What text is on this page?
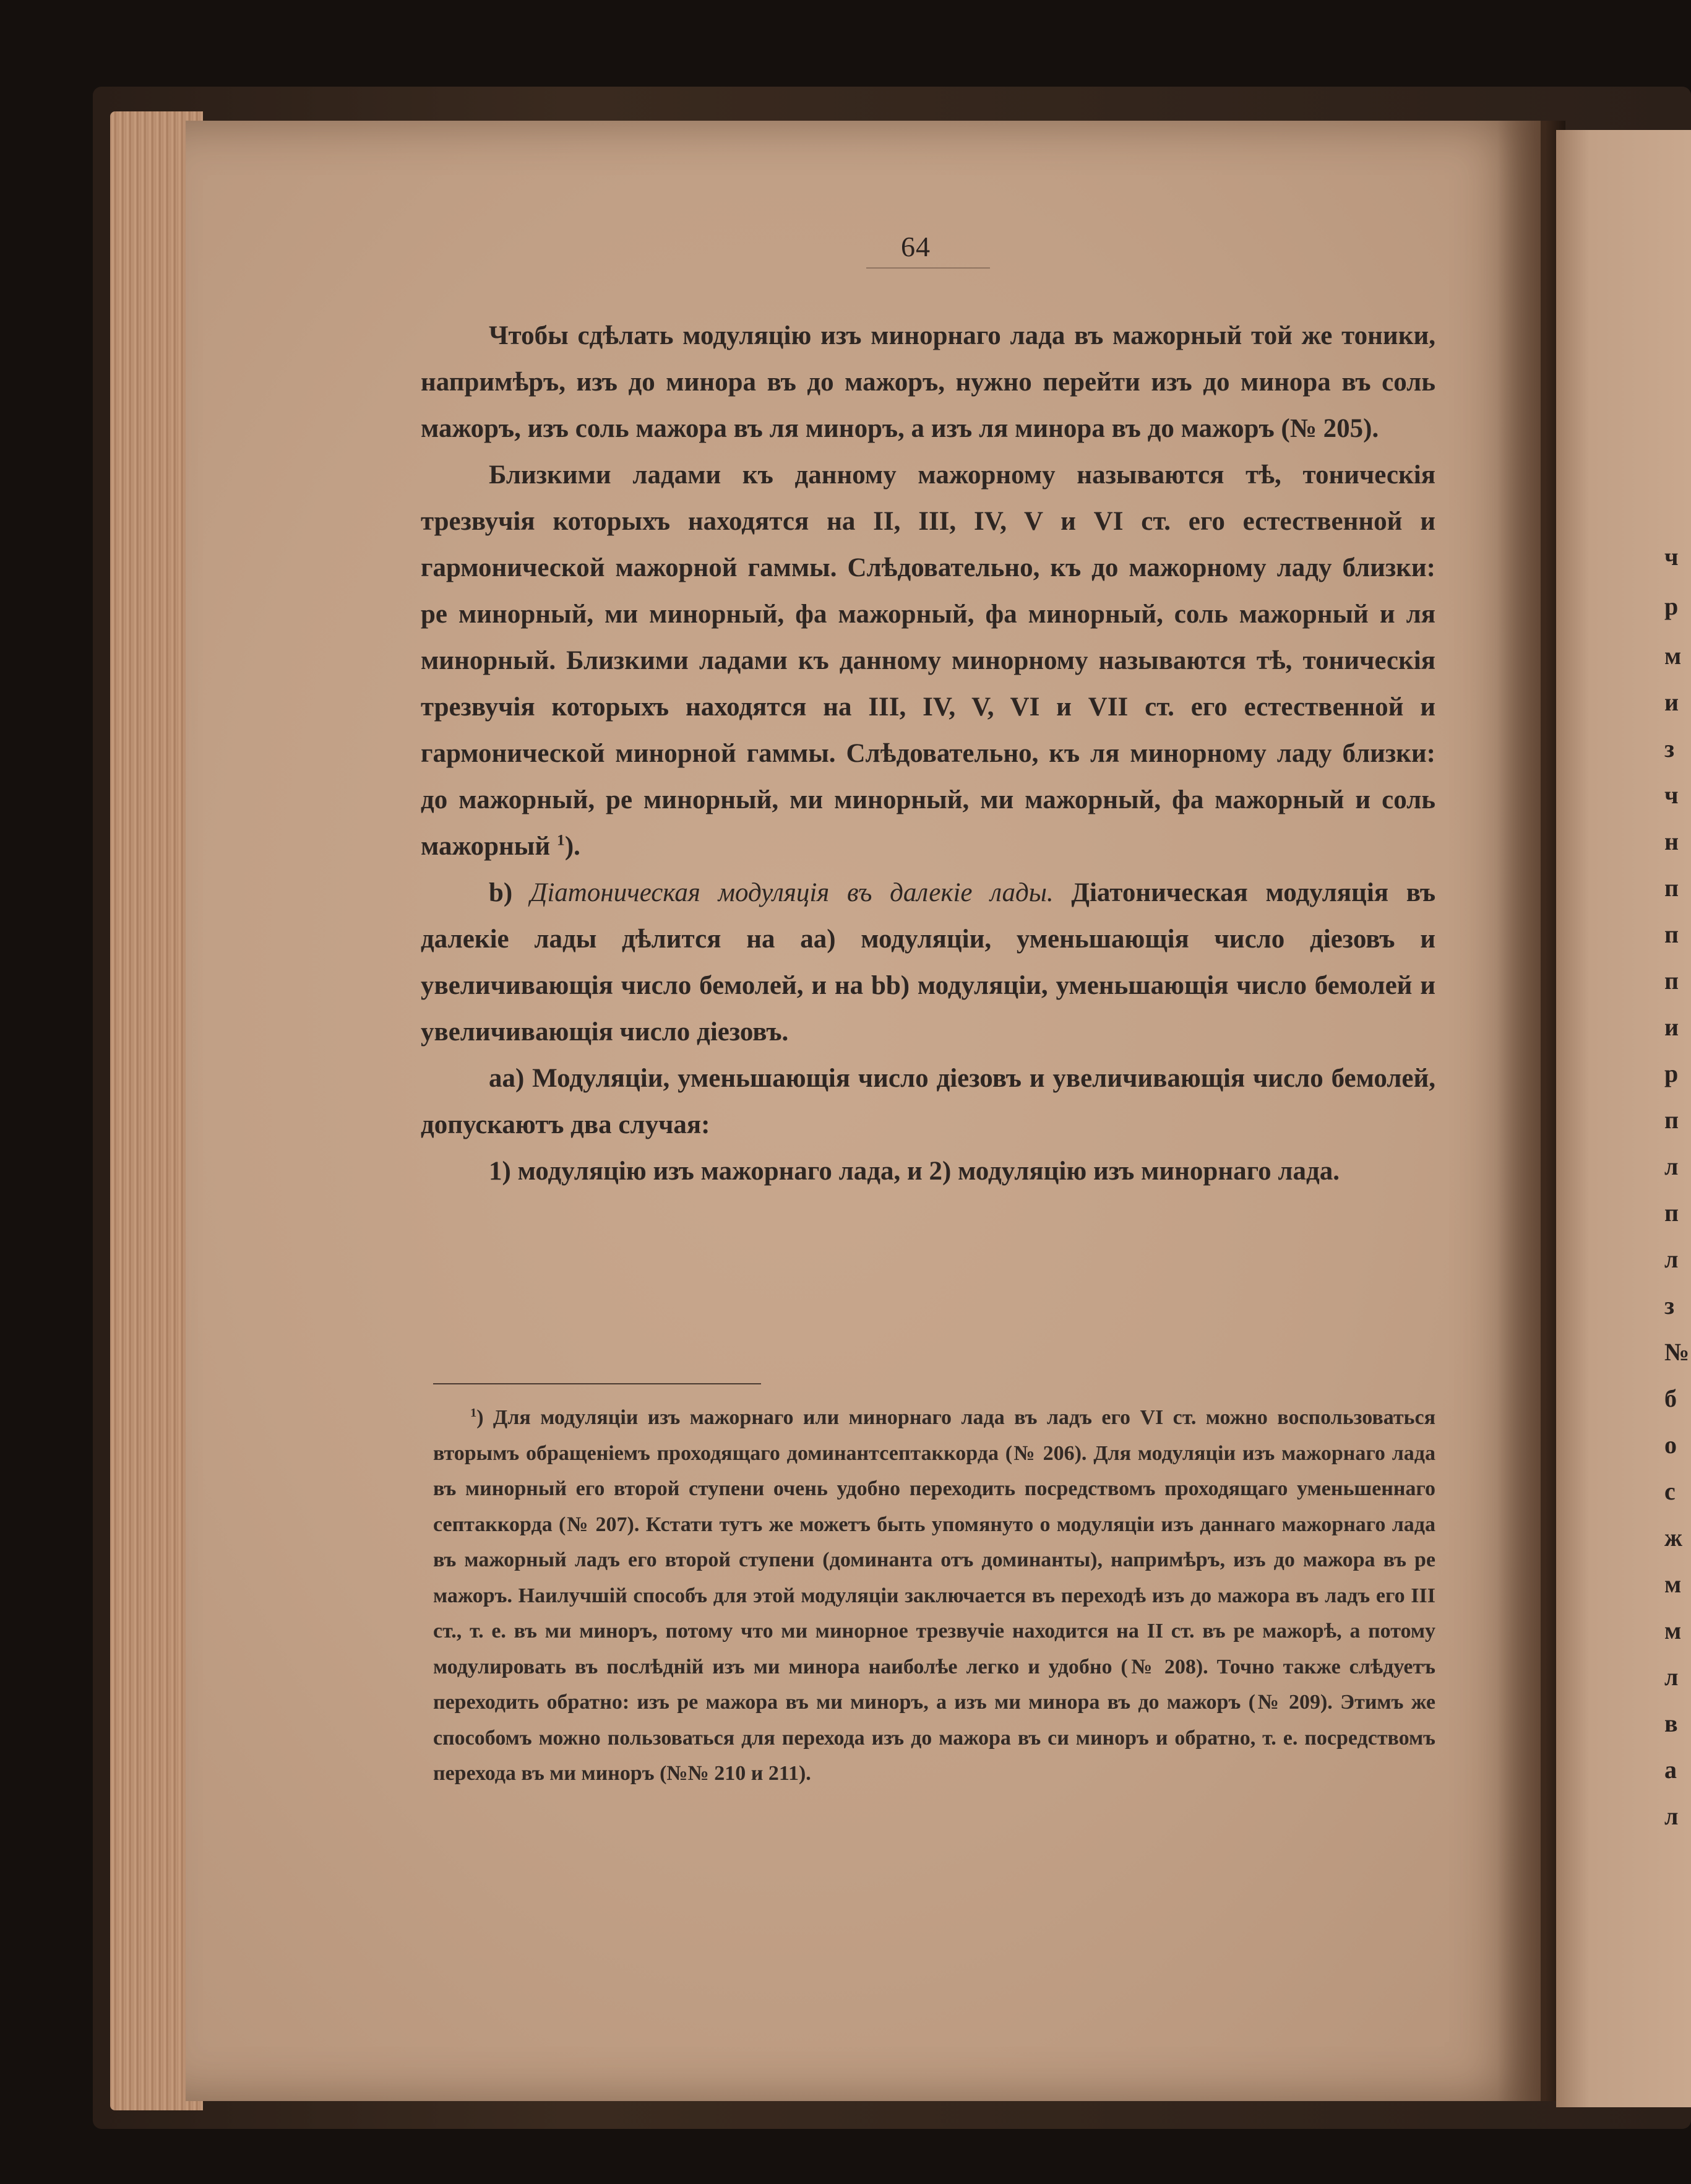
64

Чтобы сдѣлать модуляцію изъ минорнаго лада въ мажорный той же тоники, напримѣръ, изъ до минора въ до мажоръ, нужно перейти изъ до минора въ соль мажоръ, изъ соль мажора въ ля миноръ, а изъ ля минора въ до мажоръ (№ 205).

Близкими ладами къ данному мажорному называются тѣ, тоническія трезвучія которыхъ находятся на II, III, IV, V и VI ст. его естественной и гармонической мажорной гаммы. Слѣдовательно, къ до мажорному ладу близки: ре минорный, ми минорный, фа мажорный, фа минорный, соль мажорный и ля минорный. Близкими ладами къ данному минорному называются тѣ, тоническія трезвучія которыхъ находятся на III, IV, V, VI и VII ст. его естественной и гармонической минорной гаммы. Слѣдовательно, къ ля минорному ладу близки: до мажорный, ре минорный, ми минорный, ми мажорный, фа мажорный и соль мажорный $^1$).

b) Діатоническая модуляція въ далекіе лады. Діатоническая модуляція въ далекіе лады дѣлится на aa) модуляціи, уменьшающія число діезовъ и увеличивающія число бемолей, и на bb) модуляціи, уменьшающія число бемолей и увеличивающія число діезовъ.

aa) Модуляціи, уменьшающія число діезовъ и увеличивающія число бемолей, допускаютъ два случая:

1) модуляцію изъ мажорнаго лада, и 2) модуляцію изъ минорнаго лада.

$^1$) Для модуляціи изъ мажорнаго или минорнаго лада въ ладъ его VI ст. можно воспользоваться вторымъ обращеніемъ проходящаго доминантсептаккорда (№ 206). Для модуляціи изъ мажорнаго лада въ минорный его второй ступени очень удобно переходить посредствомъ проходящаго уменьшеннаго септаккорда (№ 207). Кстати тутъ же можетъ быть упомянуто о модуляціи изъ даннаго мажорнаго лада въ мажорный ладъ его второй ступени (доминанта отъ доминанты), напримѣръ, изъ до мажора въ ре мажоръ. Наилучшій способъ для этой модуляціи заключается въ переходѣ изъ до мажора въ ладъ его III ст., т. е. въ ми миноръ, потому что ми минорное трезвучіе находится на II ст. въ ре мажорѣ, а потому модулировать въ послѣдній изъ ми минора наиболѣе легко и удобно (№ 208). Точно также слѣдуетъ переходить обратно: изъ ре мажора въ ми миноръ, а изъ ми минора въ до мажоръ (№ 209). Этимъ же способомъ можно пользоваться для перехода изъ до мажора въ си миноръ и обратно, т. е. посредствомъ перехода въ ми миноръ (№№ 210 и 211).
